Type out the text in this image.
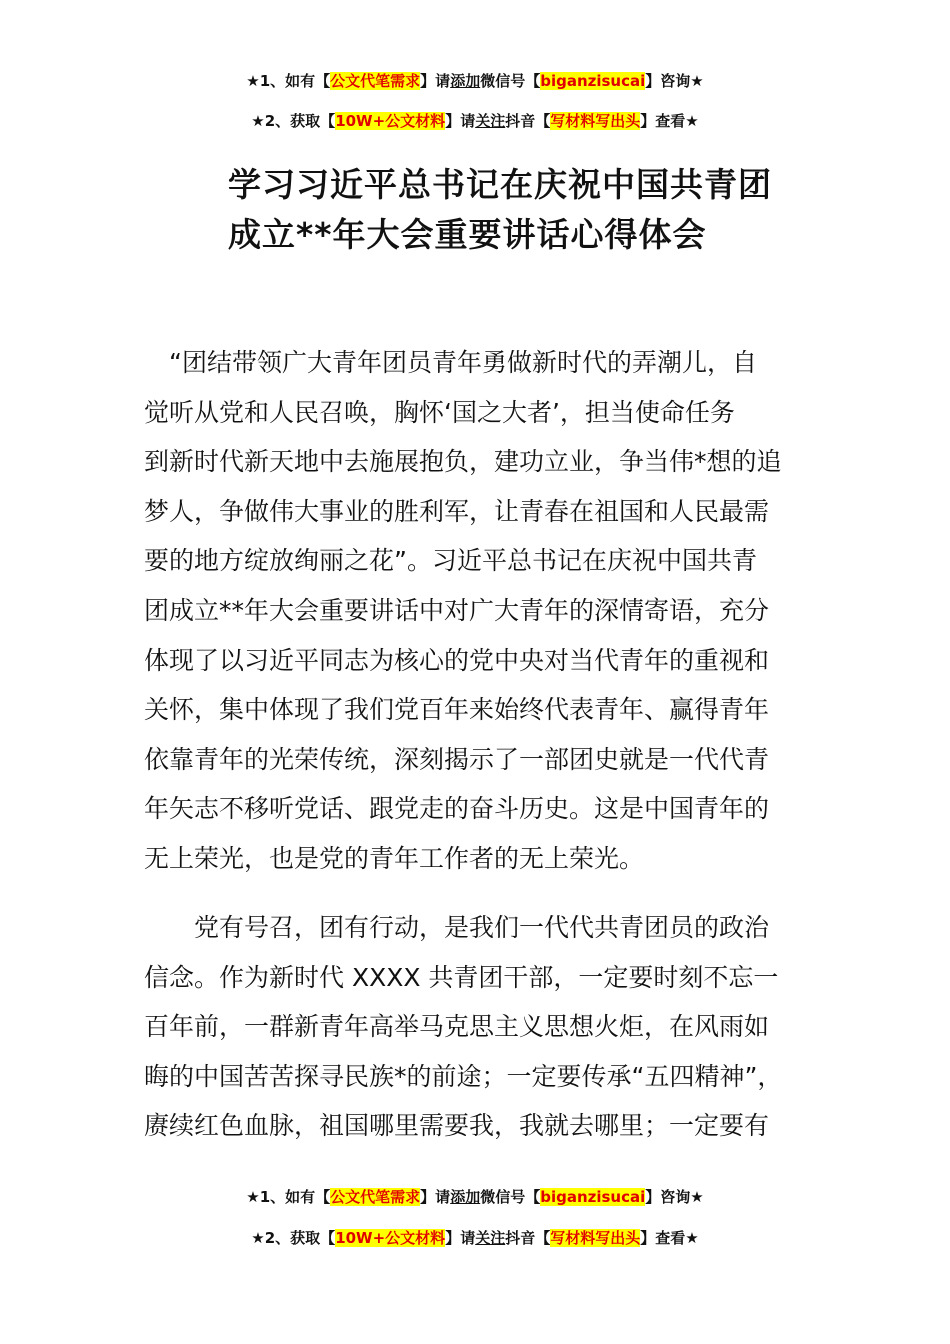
★1、如有【公文代笔需求】请添加微信号【biganzisucai】咨询★
★2、获取【10W+公文材料】请关注抖音【写材料写出头】查看★
学习习近平总书记在庆祝中国共青团
成立**年大会重要讲话心得体会
　“团结带领广大青年团员青年勇做新时代的弄潮儿，自
觉听从党和人民召唤，胸怀‘国之大者’，担当使命任务
到新时代新天地中去施展抱负，建功立业，争当伟*想的追
梦人，争做伟大事业的胜利军，让青春在祖国和人民最需
要的地方绽放绚丽之花”。习近平总书记在庆祝中国共青
团成立**年大会重要讲话中对广大青年的深情寄语，充分
体现了以习近平同志为核心的党中央对当代青年的重视和
关怀，集中体现了我们党百年来始终代表青年、赢得青年
依靠青年的光荣传统，深刻揭示了一部团史就是一代代青
年矢志不移听党话、跟党走的奋斗历史。这是中国青年的
无上荣光，也是党的青年工作者的无上荣光。
　　党有号召，团有行动，是我们一代代共青团员的政治
信念。作为新时代 XXXX 共青团干部，一定要时刻不忘一
百年前，一群新青年高举马克思主义思想火炬，在风雨如
晦的中国苦苦探寻民族*的前途；一定要传承“五四精神”，
赓续红色血脉，祖国哪里需要我，我就去哪里；一定要有
★1、如有【公文代笔需求】请添加微信号【biganzisucai】咨询★
★2、获取【10W+公文材料】请关注抖音【写材料写出头】查看★
